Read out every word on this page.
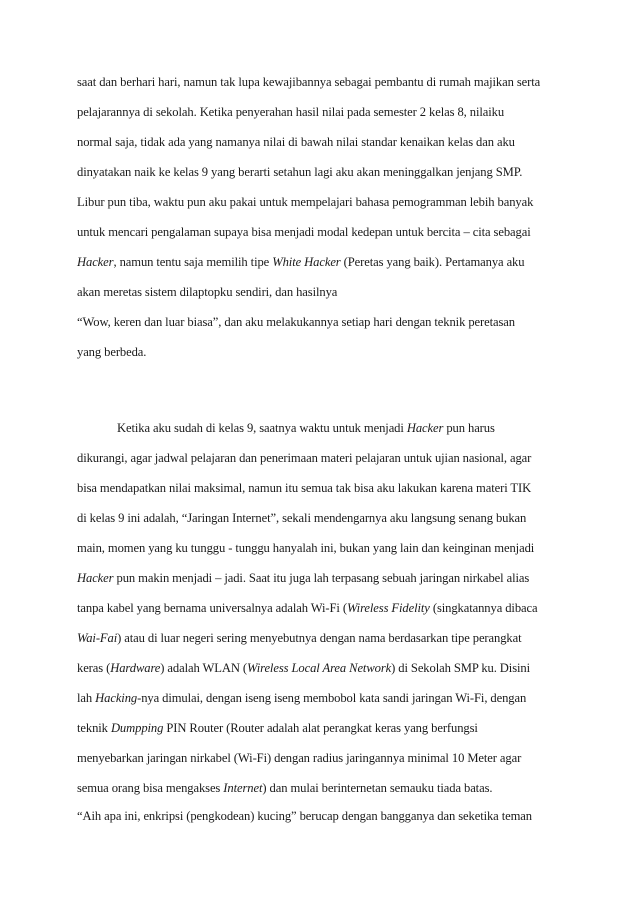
saat dan berhari hari, namun tak lupa kewajibannya sebagai pembantu di rumah majikan serta
pelajarannya di sekolah. Ketika penyerahan hasil nilai pada semester 2 kelas 8, nilaiku
normal saja, tidak ada yang namanya nilai di bawah nilai standar kenaikan kelas dan aku
dinyatakan naik ke kelas 9 yang berarti setahun lagi aku akan meninggalkan jenjang SMP.
Libur pun tiba, waktu pun aku pakai untuk mempelajari bahasa pemogramman lebih banyak
untuk mencari pengalaman supaya bisa menjadi modal kedepan untuk bercita – cita sebagai
Hacker, namun tentu saja memilih tipe White Hacker (Peretas yang baik). Pertamanya aku
akan meretas sistem dilaptopku sendiri, dan hasilnya
“Wow, keren dan luar biasa”, dan aku melakukannya setiap hari dengan teknik peretasan
yang berbeda.
Ketika aku sudah di kelas 9, saatnya waktu untuk menjadi Hacker pun harus
dikurangi, agar jadwal pelajaran dan penerimaan materi pelajaran untuk ujian nasional, agar
bisa mendapatkan nilai maksimal, namun itu semua tak bisa aku lakukan karena materi TIK
di kelas 9 ini adalah, “Jaringan Internet”, sekali mendengarnya aku langsung senang bukan
main, momen yang ku tunggu - tunggu hanyalah ini, bukan yang lain dan keinginan menjadi
Hacker pun makin menjadi – jadi. Saat itu juga lah terpasang sebuah jaringan nirkabel alias
tanpa kabel yang bernama universalnya adalah Wi-Fi (Wireless Fidelity (singkatannya dibaca
Wai-Fai) atau di luar negeri sering menyebutnya dengan nama berdasarkan tipe perangkat
keras (Hardware) adalah WLAN (Wireless Local Area Network) di Sekolah SMP ku. Disini
lah Hacking-nya dimulai, dengan iseng iseng membobol kata sandi jaringan Wi-Fi, dengan
teknik Dumpping PIN Router (Router adalah alat perangkat keras yang berfungsi
menyebarkan jaringan nirkabel (Wi-Fi) dengan radius jaringannya minimal 10 Meter agar
semua orang bisa mengakses Internet) dan mulai berinternetan semauku tiada batas.
“Aih apa ini, enkripsi (pengkodean) kucing” berucap dengan bangganya dan seketika teman
